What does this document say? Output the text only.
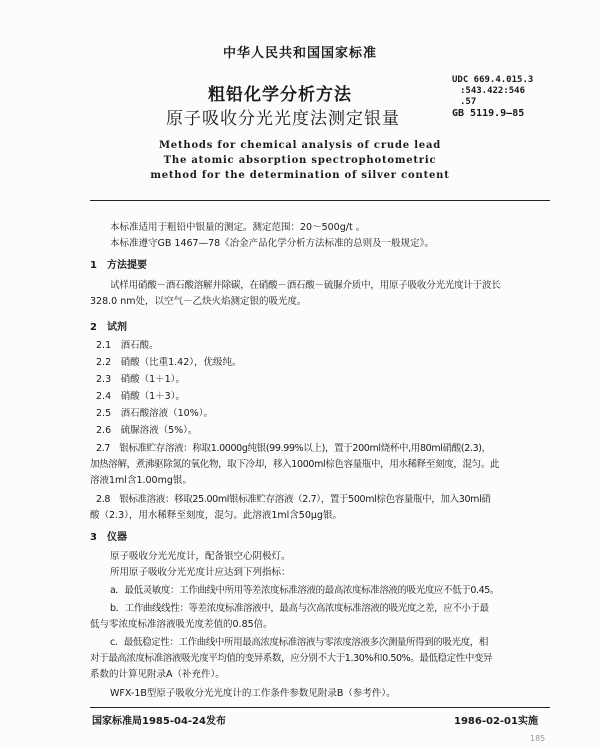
中华人民共和国国家标准
粗铅化学分析方法
原子吸收分光光度法测定银量
UDC 669.4.015.3
:543.422:546
.57
GB 5119.9—85
Methods for chemical analysis of crude lead
The atomic absorption spectrophotometric
method for the determination of silver content
本标准适用于粗铅中银量的测定。测定范围：20～500g/t 。
本标准遵守GB 1467—78《冶金产品化学分析方法标准的总则及一般规定》。
1　方法提要
试样用硝酸－酒石酸溶解并除碳，在硝酸－酒石酸－硫脲介质中，用原子吸收分光光度计于波长
328.0 nm处，以空气－乙炔火焰测定银的吸光度。
2　试剂
2.1　酒石酸。
2.2　硝酸（比重1.42），优级纯。
2.3　硝酸（1＋1）。
2.4　硝酸（1＋3）。
2.5　酒石酸溶液（10%）。
2.6　硫脲溶液（5%）。
2.7　银标准贮存溶液：称取1.0000g纯银(99.99%以上)，置于200ml烧杯中,用80ml硝酸(2.3)，
加热溶解，煮沸驱除氮的氧化物，取下冷却，移入1000ml棕色容量瓶中，用水稀释至刻度，混匀。此
溶液1ml含1.00mg银。
2.8　银标准溶液：移取25.00ml银标准贮存溶液（2.7），置于500ml棕色容量瓶中，加入30ml硝
酸（2.3），用水稀释至刻度，混匀。此溶液1ml含50μg银。
3　仪器
原子吸收分光光度计，配备银空心阴极灯。
所用原子吸收分光光度计应达到下列指标：
a．最低灵敏度：工作曲线中所用等差浓度标准溶液的最高浓度标准溶液的吸光度应不低于0.45。
b．工作曲线线性：等差浓度标准溶液中，最高与次高浓度标准溶液的吸光度之差，应不小于最
低与零浓度标准溶液吸光度差值的0.85倍。
c．最低稳定性：工作曲线中所用最高浓度标准溶液与零浓度溶液多次测量所得到的吸光度，相
对于最高浓度标准溶液吸光度平均值的变异系数，应分别不大于1.30%和0.50%。最低稳定性中变异
系数的计算见附录A（补充件）。
WFX-1B型原子吸收分光光度计的工作条件参数见附录B（参考件）。
国家标准局1985-04-24发布	1986-02-01实施
185
